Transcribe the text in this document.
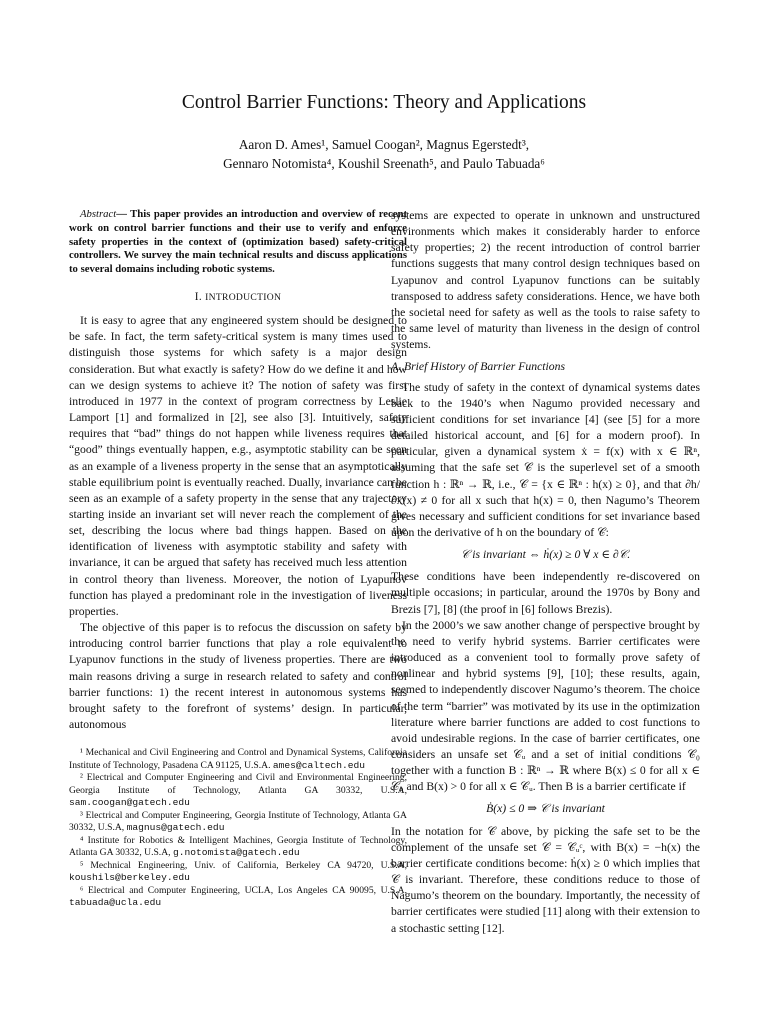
Control Barrier Functions: Theory and Applications
Aaron D. Ames¹, Samuel Coogan², Magnus Egerstedt³,
Gennaro Notomista⁴, Koushil Sreenath⁵, and Paulo Tabuada⁶

Abstract— This paper provides an introduction and overview of recent work on control barrier functions and their use to verify and enforce safety properties in the context of (optimization based) safety-critical controllers. We survey the main technical results and discuss applications to several domains including robotic systems.

I. INTRODUCTION

It is easy to agree that any engineered system should be designed to be safe. In fact, the term safety-critical system is many times used to distinguish those systems for which safety is a major design consideration. But what exactly is safety? How do we define it and how can we design systems to achieve it? The notion of safety was first introduced in 1977 in the context of program correctness by Leslie Lamport [1] and formalized in [2], see also [3]. Intuitively, safety requires that “bad” things do not happen while liveness requires that “good” things eventually happen, e.g., asymptotic stability can be seen as an example of a liveness property in the sense that an asymptotically stable equilibrium point is eventually reached. Dually, invariance can be seen as an example of a safety property in the sense that any trajectory starting inside an invariant set will never reach the complement of the set, describing the locus where bad things happen. Based on the identification of liveness with asymptotic stability and safety with invariance, it can be argued that safety has received much less attention in control theory than liveness. Moreover, the notion of Lyapunov function has played a predominant role in the investigation of liveness properties.

The objective of this paper is to refocus the discussion on safety by introducing control barrier functions that play a role equivalent to Lyapunov functions in the study of liveness properties. There are two main reasons driving a surge in research related to safety and control barrier functions: 1) the recent interest in autonomous systems has brought safety to the forefront of systems’ design. In particular, autonomous

¹ Mechanical and Civil Engineering and Control and Dynamical Systems, California Institute of Technology, Pasadena CA 91125, U.S.A. ames@caltech.edu

² Electrical and Computer Engineering and Civil and Environmental Engineering, Georgia Institute of Technology, Atlanta GA 30332, U.S.A, sam.coogan@gatech.edu

³ Electrical and Computer Engineering, Georgia Institute of Technology, Atlanta GA 30332, U.S.A, magnus@gatech.edu

⁴ Institute for Robotics & Intelligent Machines, Georgia Institute of Technology, Atlanta GA 30332, U.S.A, g.notomista@gatech.edu

⁵ Mechnical Engineering, Univ. of California, Berkeley CA 94720, U.S.A, koushils@berkeley.edu

⁶ Electrical and Computer Engineering, UCLA, Los Angeles CA 90095, U.S.A, tabuada@ucla.edu

systems are expected to operate in unknown and unstructured environments which makes it considerably harder to enforce safety properties; 2) the recent introduction of control barrier functions suggests that many control design techniques based on Lyapunov and control Lyapunov functions can be suitably transposed to address safety considerations. Hence, we have both the societal need for safety as well as the tools to raise safety to the same level of maturity than liveness in the design of control systems.

A. Brief History of Barrier Functions

The study of safety in the context of dynamical systems dates back to the 1940’s when Nagumo provided necessary and sufficient conditions for set invariance [4] (see [5] for a more detailed historical account, and [6] for a modern proof). In particular, given a dynamical system ẋ = f(x) with x ∈ ℝⁿ, assuming that the safe set 𝒞 is the superlevel set of a smooth function h : ℝⁿ → ℝ, i.e., 𝒞 = {x ∈ ℝⁿ : h(x) ≥ 0}, and that ∂h/∂x(x) ≠ 0 for all x such that h(x) = 0, then Nagumo’s Theorem gives necessary and sufficient conditions for set invariance based upon the derivative of h on the boundary of 𝒞:

𝒞 is invariant ⇔ ḣ(x) ≥ 0 ∀ x ∈ ∂𝒞.

These conditions have been independently re-discovered on multiple occasions; in particular, around the 1970s by Bony and Brezis [7], [8] (the proof in [6] follows Brezis).

In the 2000’s we saw another change of perspective brought by the need to verify hybrid systems. Barrier certificates were introduced as a convenient tool to formally prove safety of nonlinear and hybrid systems [9], [10]; these results, again, seemed to independently discover Nagumo’s theorem. The choice of the term “barrier” was motivated by its use in the optimization literature where barrier functions are added to cost functions to avoid undesirable regions. In the case of barrier certificates, one considers an unsafe set 𝒞ᵤ and a set of initial conditions 𝒞₀ together with a function B : ℝⁿ → ℝ where B(x) ≤ 0 for all x ∈ 𝒞₀ and B(x) > 0 for all x ∈ 𝒞ᵤ. Then B is a barrier certificate if

Ḃ(x) ≤ 0 ⇒ 𝒞 is invariant

In the notation for 𝒞 above, by picking the safe set to be the complement of the unsafe set 𝒞 = 𝒞ᵤᶜ, with B(x) = −h(x) the barrier certificate conditions become: ḣ(x) ≥ 0 which implies that 𝒞 is invariant. Therefore, these conditions reduce to those of Nagumo’s theorem on the boundary. Importantly, the necessity of barrier certificates were studied [11] along with their extension to a stochastic setting [12].
